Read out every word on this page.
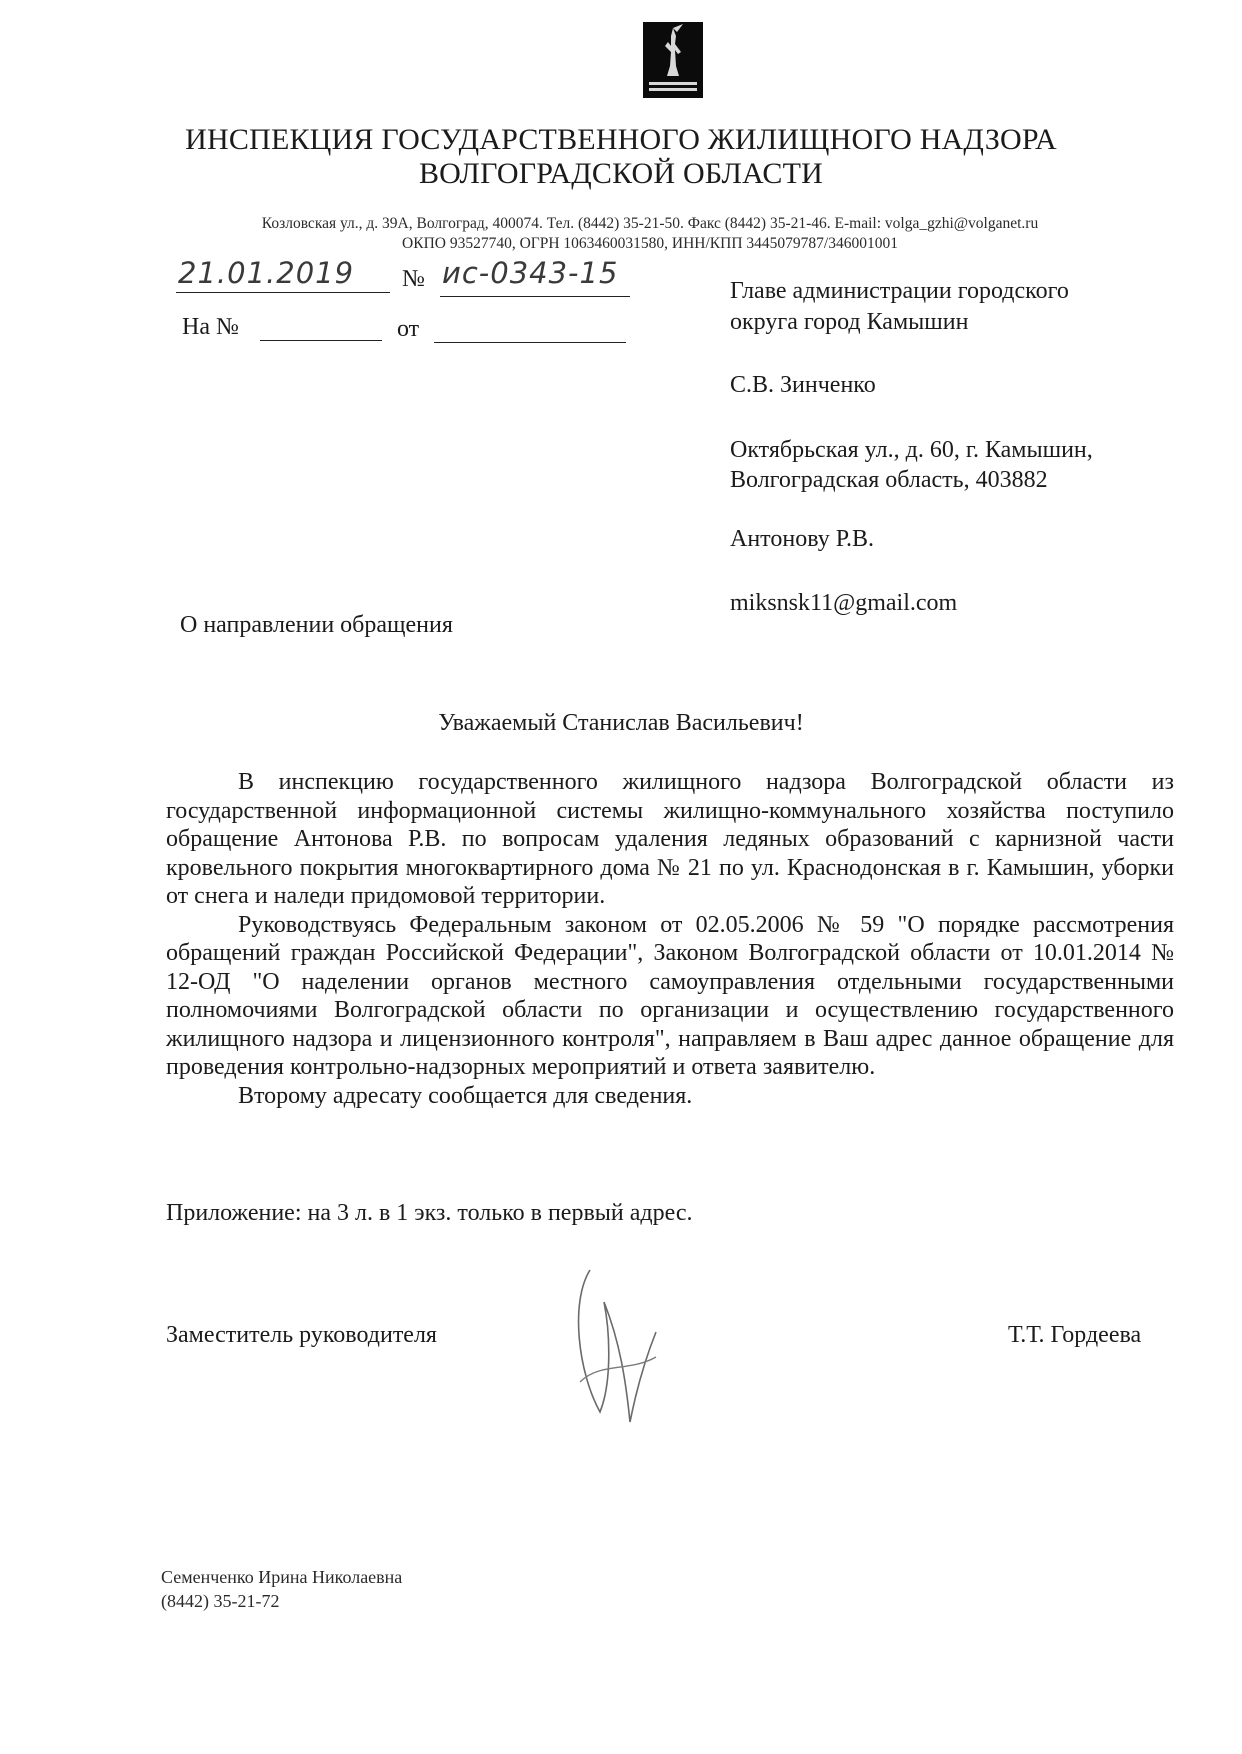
ИНСПЕКЦИЯ ГОСУДАРСТВЕННОГО ЖИЛИЩНОГО НАДЗОРА
ВОЛГОГРАДСКОЙ ОБЛАСТИ
Козловская ул., д. 39А, Волгоград, 400074. Тел. (8442) 35-21-50. Факс (8442) 35-21-46. E-mail: volga_gzhi@volganet.ru
ОКПО 93527740, ОГРН 1063460031580, ИНН/КПП 3445079787/346001001
21.01.2019 № ис-0343-15
На №	от
Главе администрации городского
округа город Камышин
С.В. Зинченко
Октябрьская ул., д. 60, г. Камышин,
Волгоградская область, 403882
Антонову Р.В.
miksnsk11@gmail.com
О направлении обращения
Уважаемый Станислав Васильевич!

В инспекцию государственного жилищного надзора Волгоградской области из государственной информационной системы жилищно-коммунального хозяйства поступило обращение Антонова Р.В. по вопросам удаления ледяных образований с карнизной части кровельного покрытия многоквартирного дома № 21 по ул. Краснодонская в г. Камышин, уборки от снега и наледи придомовой территории.

Руководствуясь Федеральным законом от 02.05.2006 № 59 "О порядке рассмотрения обращений граждан Российской Федерации", Законом Волгоградской области от 10.01.2014 № 12-ОД "О наделении органов местного самоуправления отдельными государственными полномочиями Волгоградской области по организации и осуществлению государственного жилищного надзора и лицензионного контроля", направляем в Ваш адрес данное обращение для проведения контрольно-надзорных мероприятий и ответа заявителю.

Второму адресату сообщается для сведения.

Приложение: на 3 л. в 1 экз. только в первый адрес.
Заместитель руководителя	Т.Т. Гордеева
Семенченко Ирина Николаевна
(8442) 35-21-72
